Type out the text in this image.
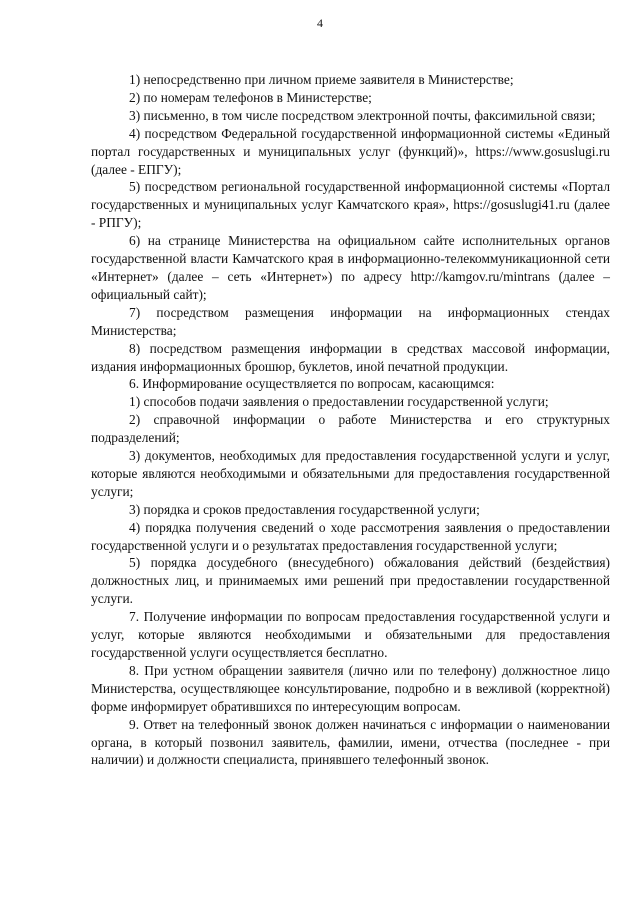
4

1) непосредственно при личном приеме заявителя в Министерстве;

2) по номерам телефонов в Министерстве;

3) письменно, в том числе посредством электронной почты, факсимильной связи;

4) посредством Федеральной государственной информационной системы «Единый портал государственных и муниципальных услуг (функций)», https://www.gosuslugi.ru (далее - ЕПГУ);

5) посредством региональной государственной информационной системы «Портал государственных и муниципальных услуг Камчатского края», https://gosuslugi41.ru (далее - РПГУ);

6) на странице Министерства на официальном сайте исполнительных органов государственной власти Камчатского края в информационно-телекоммуникационной сети «Интернет» (далее – сеть «Интернет») по адресу http://kamgov.ru/mintrans (далее – официальный сайт);

7) посредством размещения информации на информационных стендах Министерства;

8) посредством размещения информации в средствах массовой информации, издания информационных брошюр, буклетов, иной печатной продукции.

6. Информирование осуществляется по вопросам, касающимся:

1) способов подачи заявления о предоставлении государственной услуги;

2) справочной информации о работе Министерства и его структурных подразделений;

3) документов, необходимых для предоставления государственной услуги и услуг, которые являются необходимыми и обязательными для предоставления государственной услуги;

3) порядка и сроков предоставления государственной услуги;

4) порядка получения сведений о ходе рассмотрения заявления о предоставлении государственной услуги и о результатах предоставления государственной услуги;

5) порядка досудебного (внесудебного) обжалования действий (бездействия) должностных лиц, и принимаемых ими решений при предоставлении государственной услуги.

7. Получение информации по вопросам предоставления государственной услуги и услуг, которые являются необходимыми и обязательными для предоставления государственной услуги осуществляется бесплатно.

8. При устном обращении заявителя (лично или по телефону) должностное лицо Министерства, осуществляющее консультирование, подробно и в вежливой (корректной) форме информирует обратившихся по интересующим вопросам.

9. Ответ на телефонный звонок должен начинаться с информации о наименовании органа, в который позвонил заявитель, фамилии, имени, отчества (последнее - при наличии) и должности специалиста, принявшего телефонный звонок.
